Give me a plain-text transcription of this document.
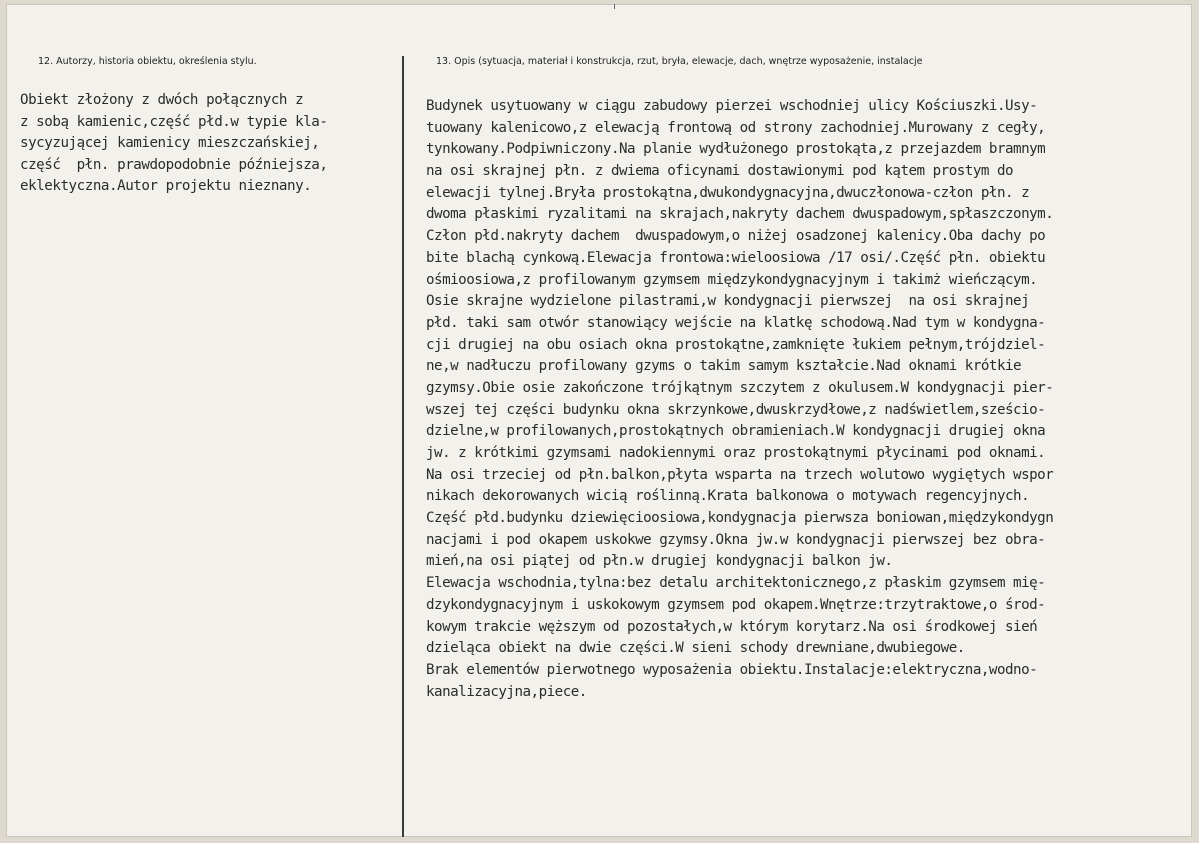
12. Autorzy, historia obiektu, określenia stylu.	13. Opis (sytuacja, materiał i konstrukcja, rzut, bryła, elewacje, dach, wnętrze wyposażenie, instalacje
Obiekt złożony z dwóch połącznych z
z sobą kamienic,część płd.w typie kla-
sycyzującej kamienicy mieszczańskiej,
część  płn. prawdopodobnie późniejsza,
eklektyczna.Autor projektu nieznany.
Budynek usytuowany w ciągu zabudowy pierzei wschodniej ulicy Kościuszki.Usy-
tuowany kalenicowo,z elewacją frontową od strony zachodniej.Murowany z cegły,
tynkowany.Podpiwniczony.Na planie wydłużonego prostokąta,z przejazdem bramnym
na osi skrajnej płn. z dwiema oficynami dostawionymi pod kątem prostym do
elewacji tylnej.Bryła prostokątna,dwukondygnacyjna,dwuczłonowa-człon płn. z
dwoma płaskimi ryzalitami na skrajach,nakryty dachem dwuspadowym,spłaszczonym.
Człon płd.nakryty dachem  dwuspadowym,o niżej osadzonej kalenicy.Oba dachy po
bite blachą cynkową.Elewacja frontowa:wieloosiowa /17 osi/.Część płn. obiektu
ośmioosiowa,z profilowanym gzymsem międzykondygnacyjnym i takimż wieńczącym.
Osie skrajne wydzielone pilastrami,w kondygnacji pierwszej  na osi skrajnej
płd. taki sam otwór stanowiący wejście na klatkę schodową.Nad tym w kondygna-
cji drugiej na obu osiach okna prostokątne,zamknięte łukiem pełnym,trójdziel-
ne,w nadłuczu profilowany gzyms o takim samym kształcie.Nad oknami krótkie
gzymsy.Obie osie zakończone trójkątnym szczytem z okulusem.W kondygnacji pier-
wszej tej części budynku okna skrzynkowe,dwuskrzydłowe,z nadświetlem,sześcio-
dzielne,w profilowanych,prostokątnych obramieniach.W kondygnacji drugiej okna
jw. z krótkimi gzymsami nadokiennymi oraz prostokątnymi płycinami pod oknami.
Na osi trzeciej od płn.balkon,płyta wsparta na trzech wolutowo wygiętych wspor
nikach dekorowanych wicią roślinną.Krata balkonowa o motywach regencyjnych.
Część płd.budynku dziewięcioosiowa,kondygnacja pierwsza boniowan,międzykondygn
nacjami i pod okapem uskokwe gzymsy.Okna jw.w kondygnacji pierwszej bez obra-
mień,na osi piątej od płn.w drugiej kondygnacji balkon jw.
Elewacja wschodnia,tylna:bez detalu architektonicznego,z płaskim gzymsem mię-
dzykondygnacyjnym i uskokowym gzymsem pod okapem.Wnętrze:trzytraktowe,o środ-
kowym trakcie węższym od pozostałych,w którym korytarz.Na osi środkowej sień
dzieląca obiekt na dwie części.W sieni schody drewniane,dwubiegowe.
Brak elementów pierwotnego wyposażenia obiektu.Instalacje:elektryczna,wodno-
kanalizacyjna,piece.
